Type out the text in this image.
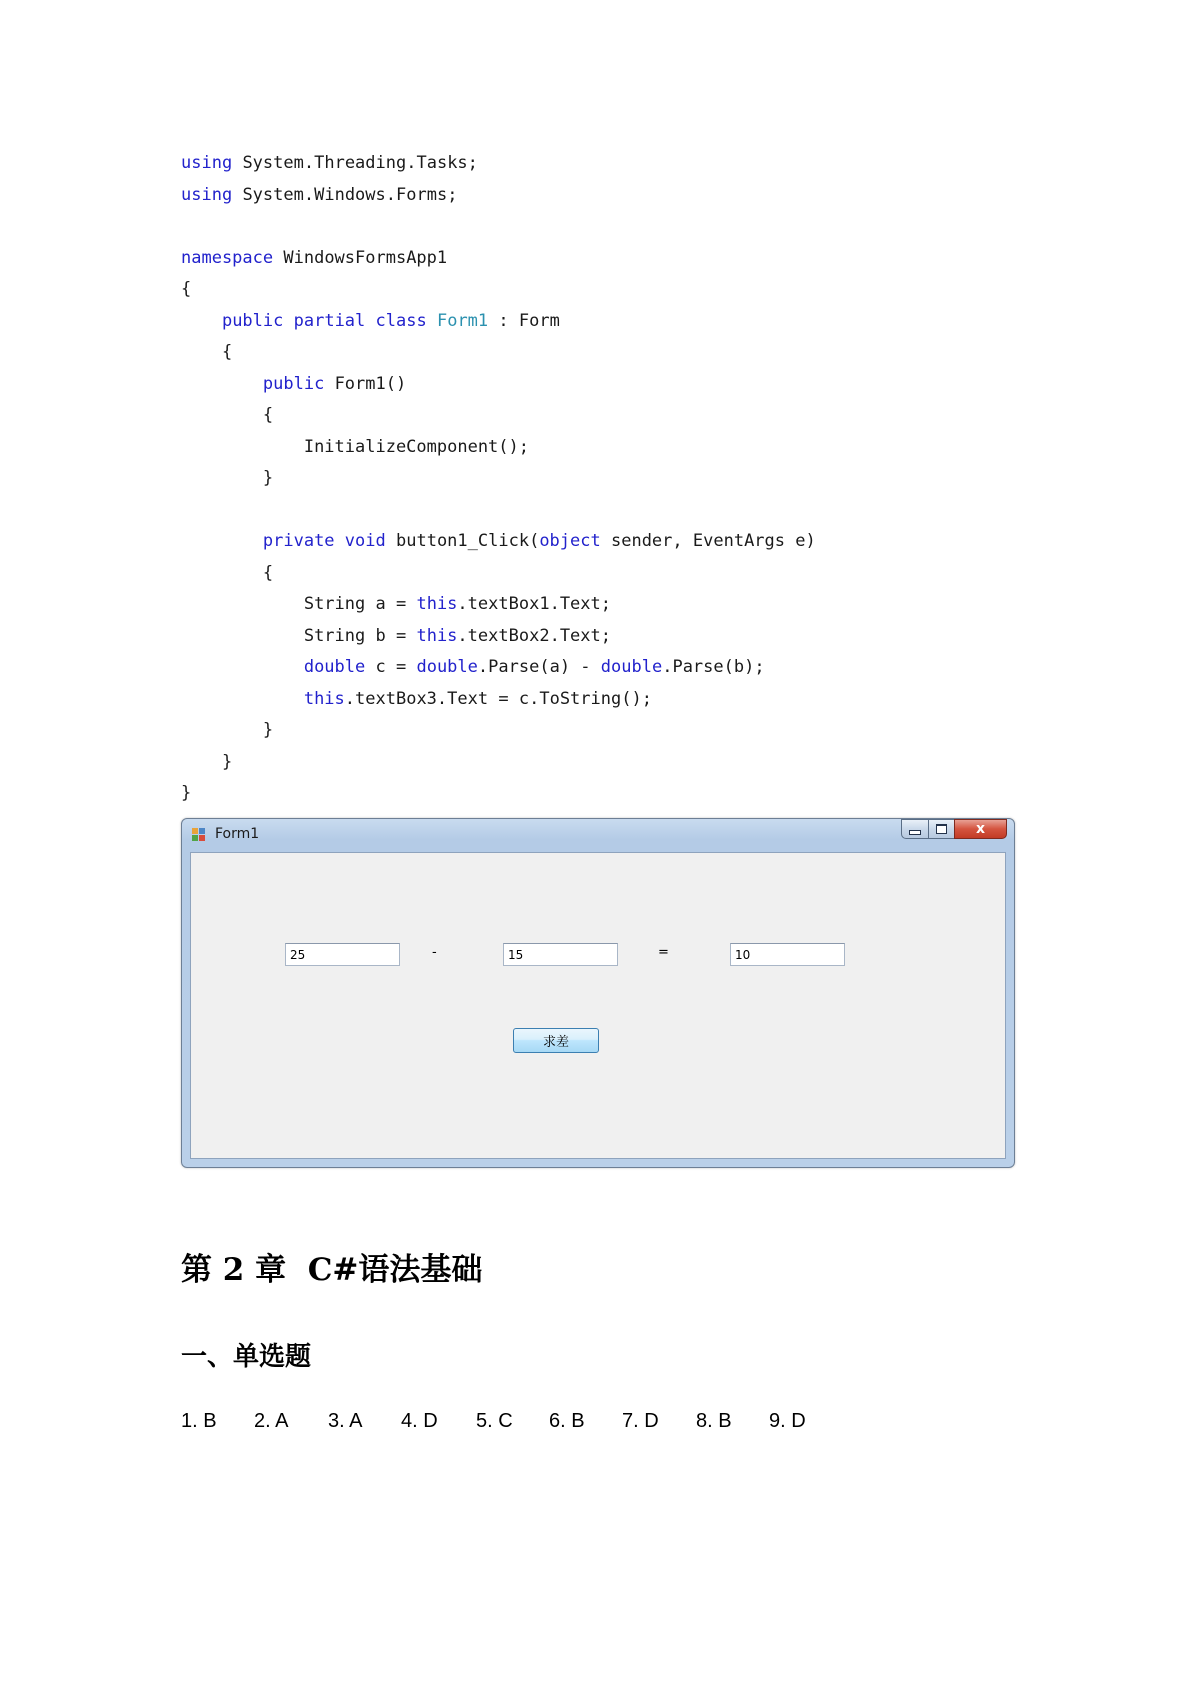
using System.Threading.Tasks;
using System.Windows.Forms;
namespace WindowsFormsApp1
{
public partial class Form1 : Form
{
public Form1()
{
InitializeComponent();
}
private void button1_Click(object sender, EventArgs e)
{
String a = this.textBox1.Text;
String b = this.textBox2.Text;
double c = double.Parse(a) - double.Parse(b);
this.textBox3.Text = c.ToString();
}
}
}
Form1	x
25	-	15	=	10
求差
第 2 章  C#语法基础
一、单选题
1. B 2. A 3. A 4. D 5. C 6. B 7. D 8. B 9. D
